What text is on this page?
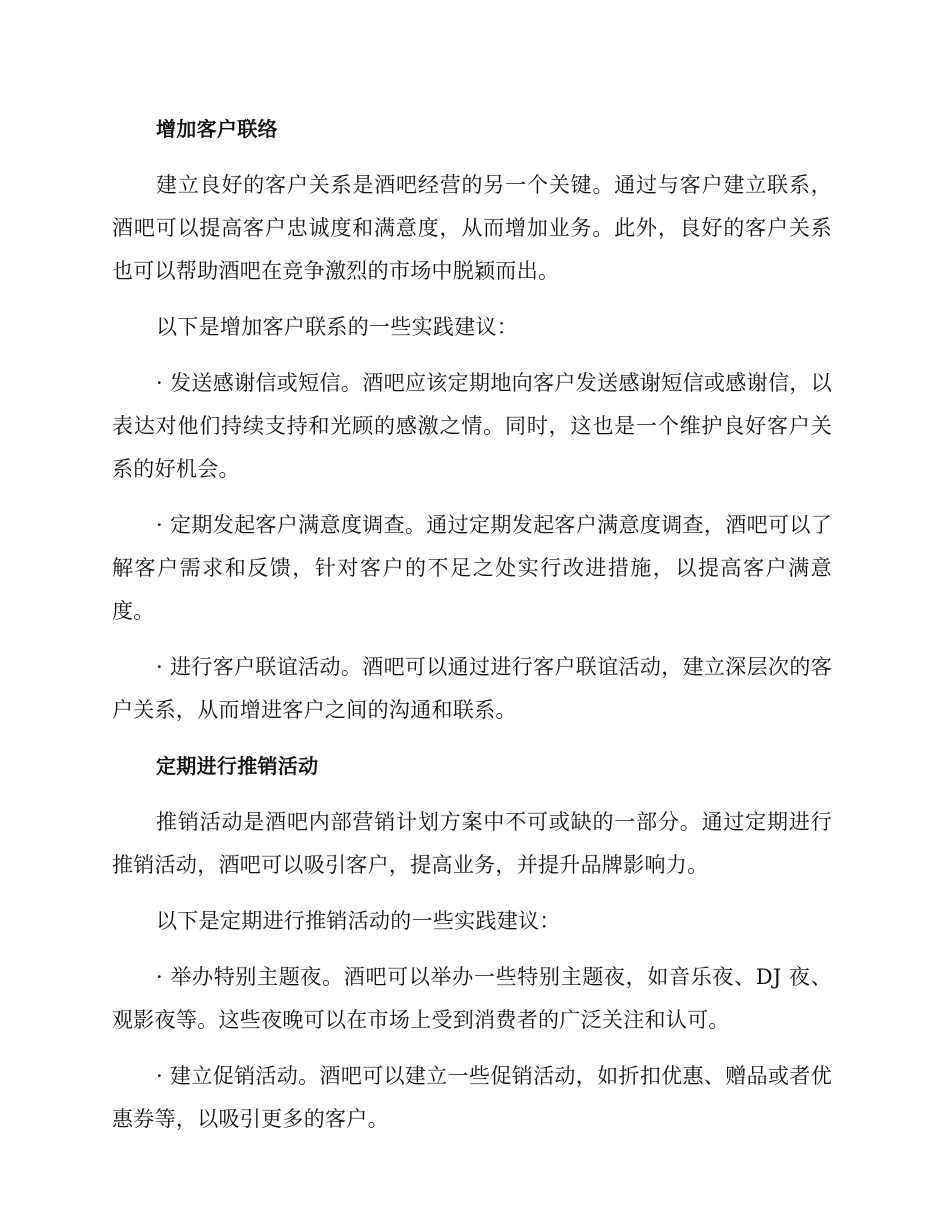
增加客户联络

建立良好的客户关系是酒吧经营的另一个关键。通过与客户建立联系，酒吧可以提高客户忠诚度和满意度，从而增加业务。此外，良好的客户关系也可以帮助酒吧在竞争激烈的市场中脱颖而出。

以下是增加客户联系的一些实践建议：

· 发送感谢信或短信。酒吧应该定期地向客户发送感谢短信或感谢信，以表达对他们持续支持和光顾的感激之情。同时，这也是一个维护良好客户关系的好机会。

· 定期发起客户满意度调查。通过定期发起客户满意度调查，酒吧可以了解客户需求和反馈，针对客户的不足之处实行改进措施，以提高客户满意度。

· 进行客户联谊活动。酒吧可以通过进行客户联谊活动，建立深层次的客户关系，从而增进客户之间的沟通和联系。

定期进行推销活动

推销活动是酒吧内部营销计划方案中不可或缺的一部分。通过定期进行推销活动，酒吧可以吸引客户，提高业务，并提升品牌影响力。

以下是定期进行推销活动的一些实践建议：

· 举办特别主题夜。酒吧可以举办一些特别主题夜，如音乐夜、DJ 夜、观影夜等。这些夜晚可以在市场上受到消费者的广泛关注和认可。

· 建立促销活动。酒吧可以建立一些促销活动，如折扣优惠、赠品或者优惠券等，以吸引更多的客户。
